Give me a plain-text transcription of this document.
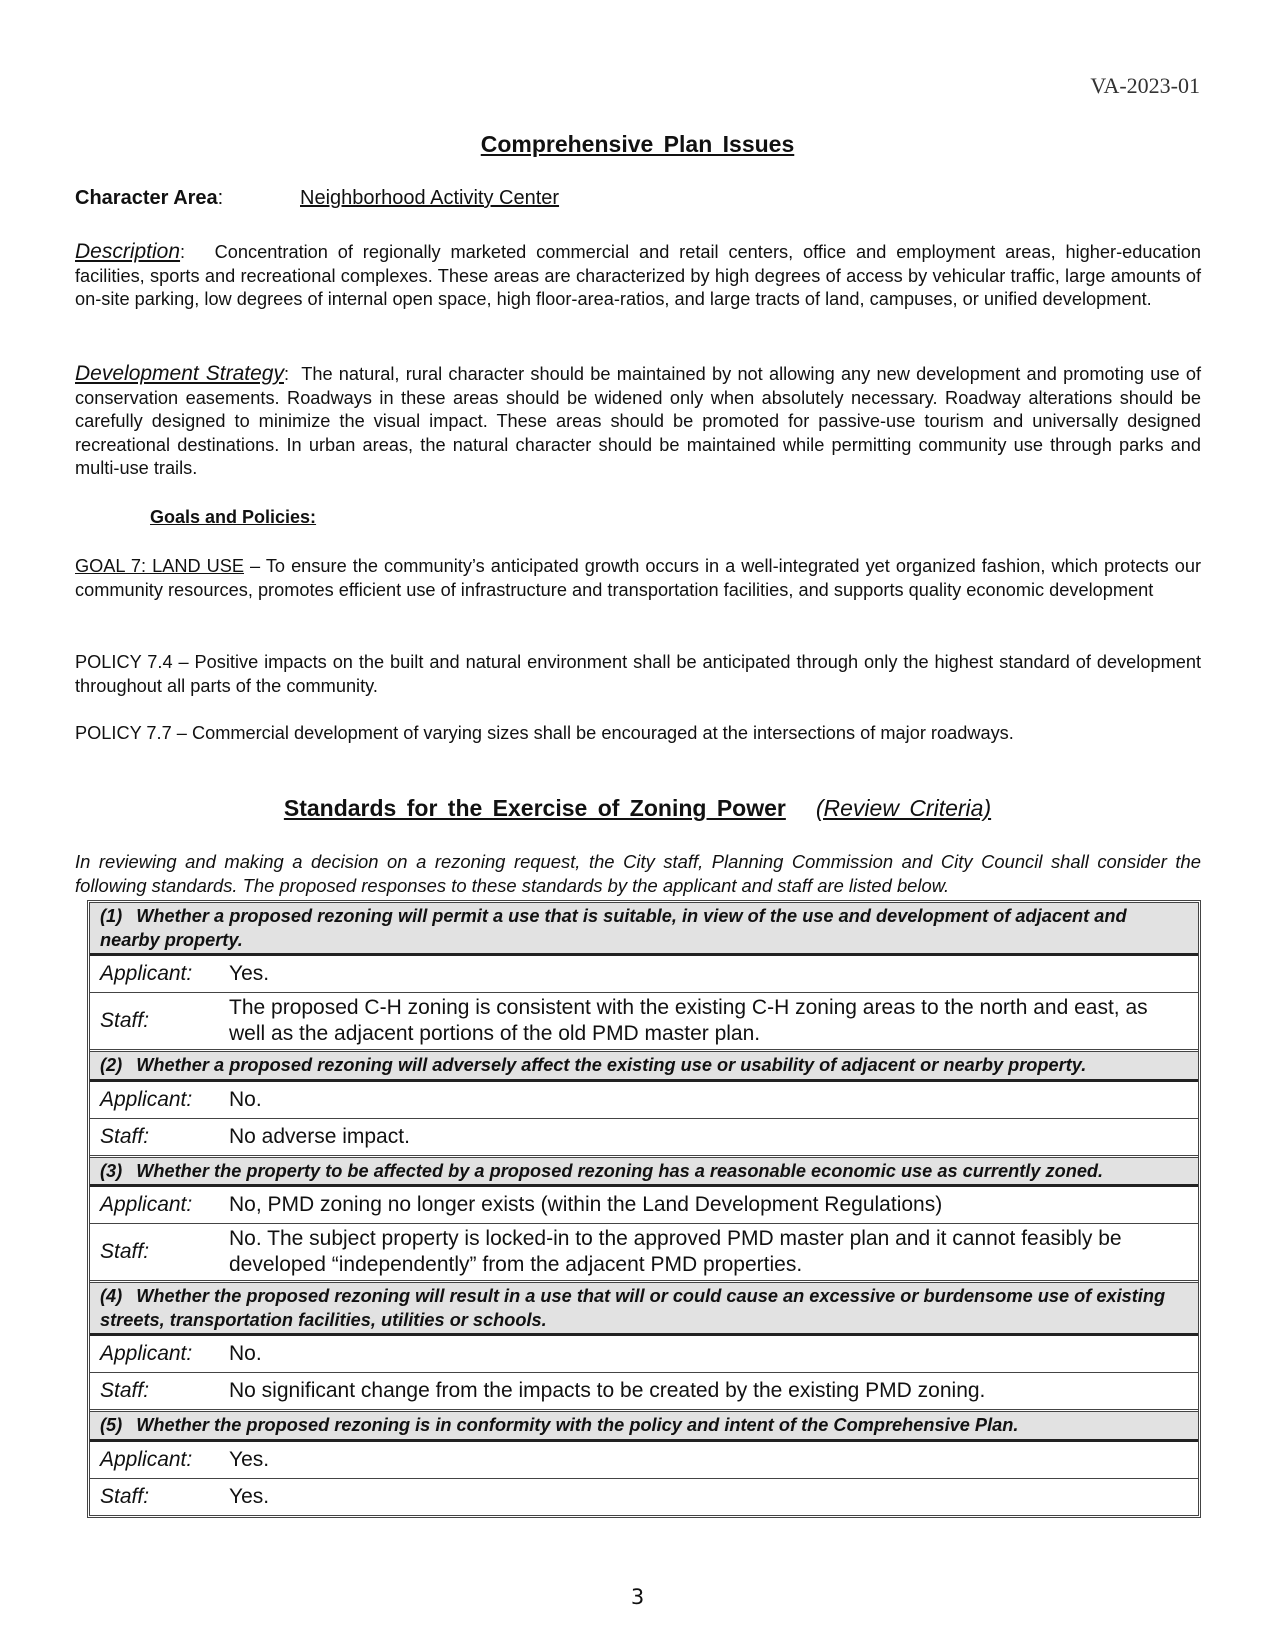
VA-2023-01
Comprehensive Plan Issues
Character Area:	Neighborhood Activity Center

Description:   Concentration of regionally marketed commercial and retail centers, office and employment areas, higher-education facilities, sports and recreational complexes. These areas are characterized by high degrees of access by vehicular traffic, large amounts of on-site parking, low degrees of internal open space, high floor-area-ratios, and large tracts of land, campuses, or unified development.

Development Strategy:  The natural, rural character should be maintained by not allowing any new development and promoting use of conservation easements. Roadways in these areas should be widened only when absolutely necessary. Roadway alterations should be carefully designed to minimize the visual impact. These areas should be promoted for passive-use tourism and universally designed recreational destinations. In urban areas, the natural character should be maintained while permitting community use through parks and multi-use trails.

Goals and Policies:

GOAL 7: LAND USE – To ensure the community’s anticipated growth occurs in a well-integrated yet organized fashion, which protects our community resources, promotes efficient use of infrastructure and transportation facilities, and supports quality economic development

POLICY 7.4 – Positive impacts on the built and natural environment shall be anticipated through only the highest standard of development throughout all parts of the community.

POLICY 7.7 – Commercial development of varying sizes shall be encouraged at the intersections of major roadways.

Standards for the Exercise of Zoning Power (Review Criteria)

In reviewing and making a decision on a rezoning request, the City staff, Planning Commission and City Council shall consider the following standards. The proposed responses to these standards by the applicant and staff are listed below.

(1) Whether a proposed rezoning will permit a use that is suitable, in view of the use and development of adjacent and nearby property.
Applicant:	Yes.
Staff:
The proposed C-H zoning is consistent with the existing C-H zoning areas to the north and east, as well as the adjacent portions of the old PMD master plan.
(2) Whether a proposed rezoning will adversely affect the existing use or usability of adjacent or nearby property.
Applicant:	No.
Staff:	No adverse impact.
(3) Whether the property to be affected by a proposed rezoning has a reasonable economic use as currently zoned.
Applicant:	No, PMD zoning no longer exists (within the Land Development Regulations)
Staff:
No. The subject property is locked-in to the approved PMD master plan and it cannot feasibly be developed “independently” from the adjacent PMD properties.
(4) Whether the proposed rezoning will result in a use that will or could cause an excessive or burdensome use of existing streets, transportation facilities, utilities or schools.
Applicant:	No.
Staff:	No significant change from the impacts to be created by the existing PMD zoning.
(5) Whether the proposed rezoning is in conformity with the policy and intent of the Comprehensive Plan.
Applicant:	Yes.
Staff:	Yes.
3
